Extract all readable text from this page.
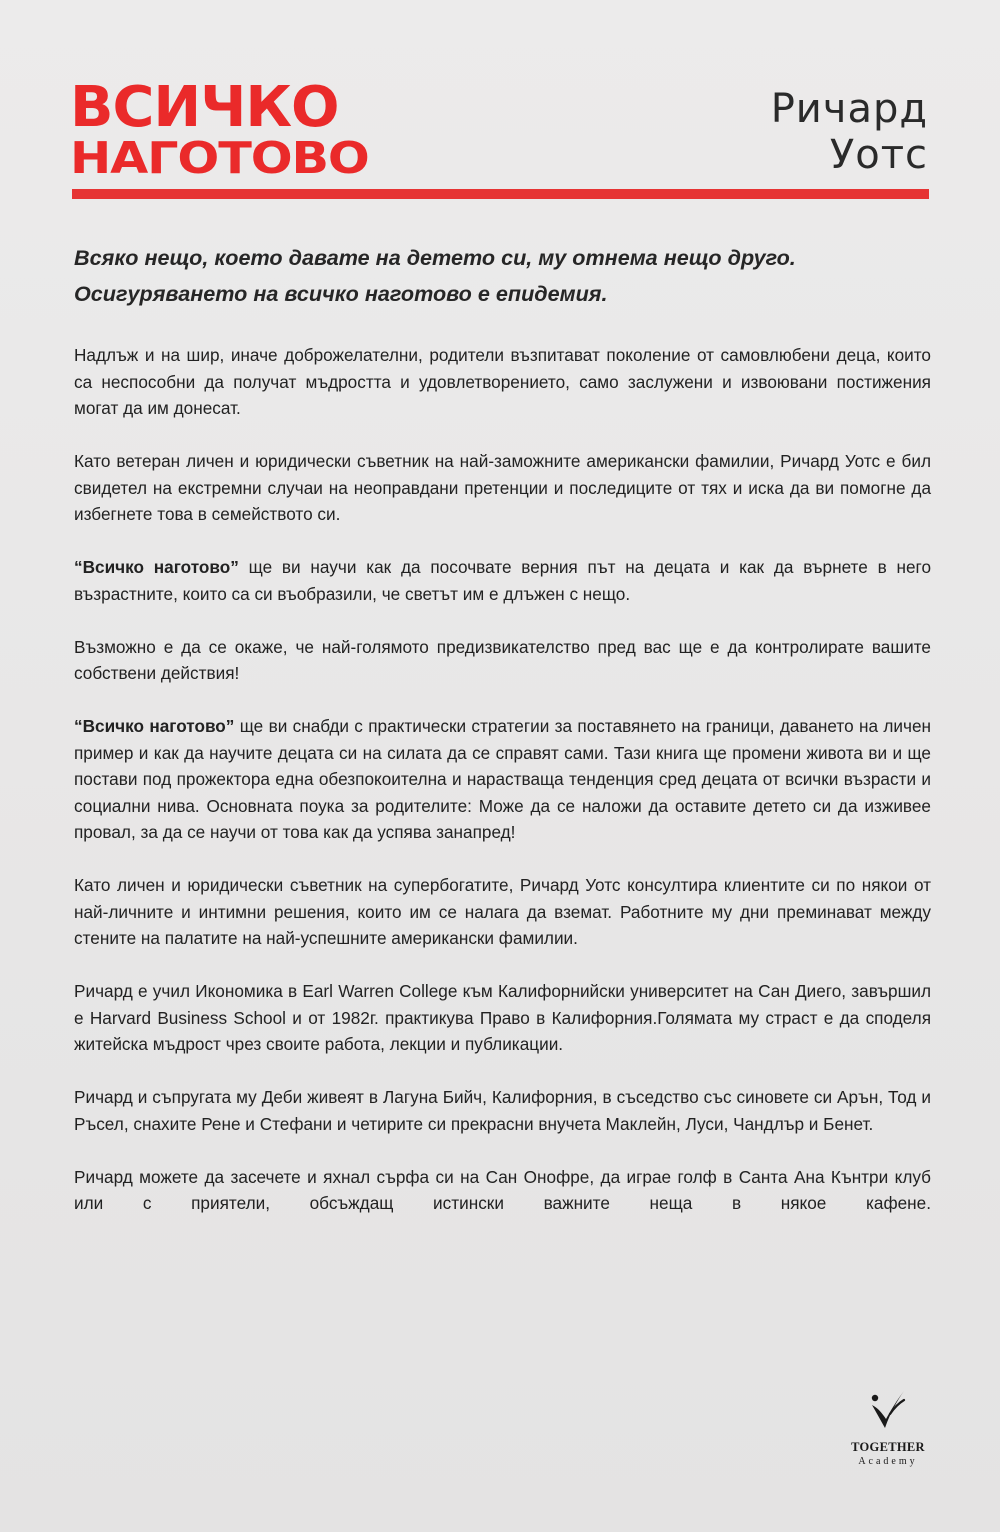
ВСИЧКО
НАГОТОВО
Ричард

Уотс
Всяко нещо, което давате на детето си, му отнема нещо друго.
Осигуряването на всичко наготово е епидемия.

Надлъж и на шир, иначе доброжелателни, родители възпитават поколение от самовлюбени деца, които са неспособни да получат мъдростта и удовлетворението, само заслужени и извоювани постижения могат да им донесат.

Като ветеран личен и юридически съветник на най-заможните американски фамилии, Ричард Уотс е бил свидетел на екстремни случаи на неоправдани претенции и последиците от тях и иска да ви помогне да избегнете това в семейството си.

“Всичко наготово” ще ви научи как да посочвате верния път на децата и как да върнете в него възрастните, които са си въобразили, че светът им е длъжен с нещо.

Възможно е да се окаже, че най-голямото предизвикателство пред вас ще е да контролирате вашите собствени действия!

“Всичко наготово” ще ви снабди с практически стратегии за поставянето на граници, даването на личен пример и как да научите децата си на силата да се справят сами. Тази книга ще промени живота ви и ще постави под прожектора една обезпокоителна и нарастваща тенденция сред децата от всички възрасти и социални нива. Основната поука за родителите: Може да се наложи да оставите детето си да изживее провал, за да се научи от това как да успява занапред!

Като личен и юридически съветник на супербогатите, Ричард Уотс консултира клиентите си по някои от най-личните и интимни решения, които им се налага да вземат. Работните му дни преминават между стените на палатите на най-успешните американски фамилии.

Ричард е учил Икономика в Earl Warren College към Калифорнийски университет на Сан Диего, завършил е Harvard Business School и от 1982г. практикува Право в Калифорния.Голямата му страст е да споделя житейска мъдрост чрез своите работа, лекции и публикации.

Ричард и съпругата му Деби живеят в Лагуна Бийч, Калифорния, в съседство със синовете си Арън, Тод и Ръсел, снахите Рене и Стефани и четирите си прекрасни внучета Маклейн, Луси, Чандлър и Бенет.

Ричард можете да засечете и яхнал сърфа си на Сан Онофре, да играе голф в Санта Ана Кънтри клуб или с приятели, обсъждащ истински важните неща в някое кафене.

TOGETHER
Academy
